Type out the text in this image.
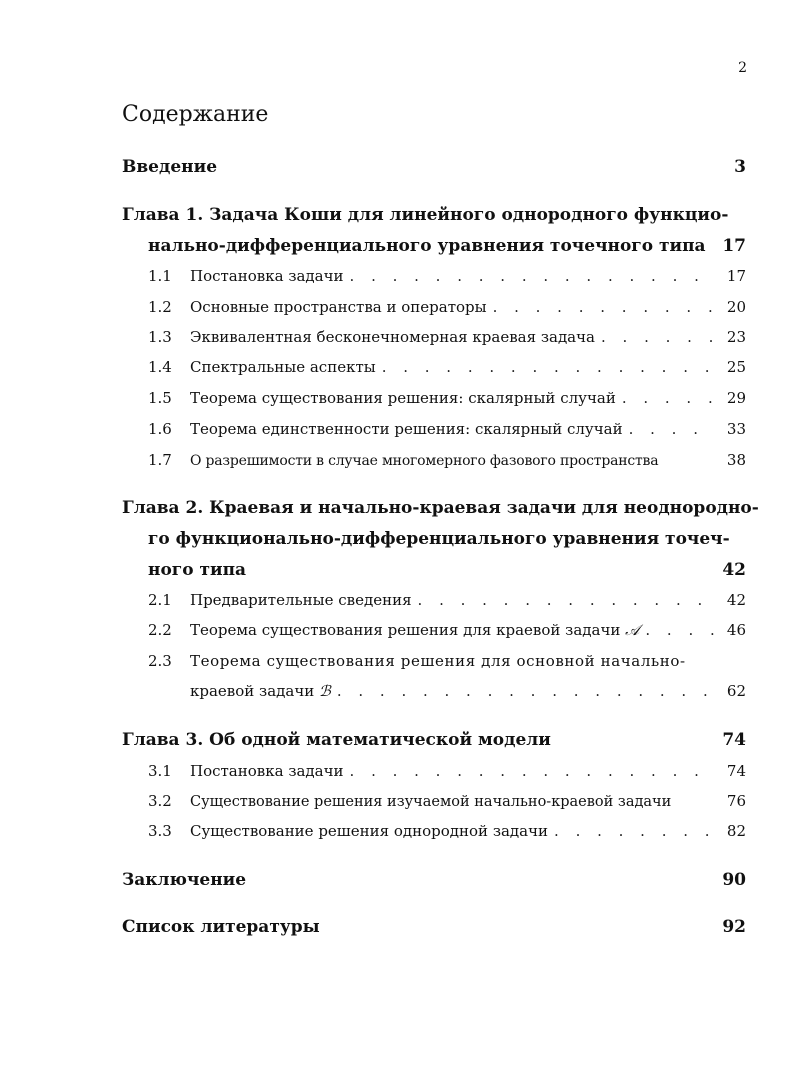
2
Содержание
Введение	3
Глава 1. Задача Коши для линейного однородного функцио-
нально-дифференциального уравнения точечного типа 17
1.1	Постановка задачи . . .	17
1.2	Основные пространства и операторы . . .	20
1.3	Эквивалентная бесконечномерная краевая задача . . .	23
1.4	Спектральные аспекты . . .	25
1.5	Теорема существования решения: скалярный случай . . .	29
1.6	Теорема единственности решения: скалярный случай . . .	33
1.7	О разрешимости в случае многомерного фазового пространства	38
Глава 2. Краевая и начально-краевая задачи для неоднородно-
го функционально-дифференциального уравнения точеч-
ного типа	42
2.1	Предварительные сведения . . .	42
2.2	Теорема существования решения для краевой задачи
𝒜 . . .	46
2.3	Теорема существования решения для основной начально-
краевой задачи
ℬ . . .	62
Глава 3. Об одной математической модели	74
3.1	Постановка задачи . . .	74
3.2	Существование решения изучаемой начально-краевой задачи	76
3.3	Существование решения однородной задачи . . .	82
Заключение	90
Список литературы	92
